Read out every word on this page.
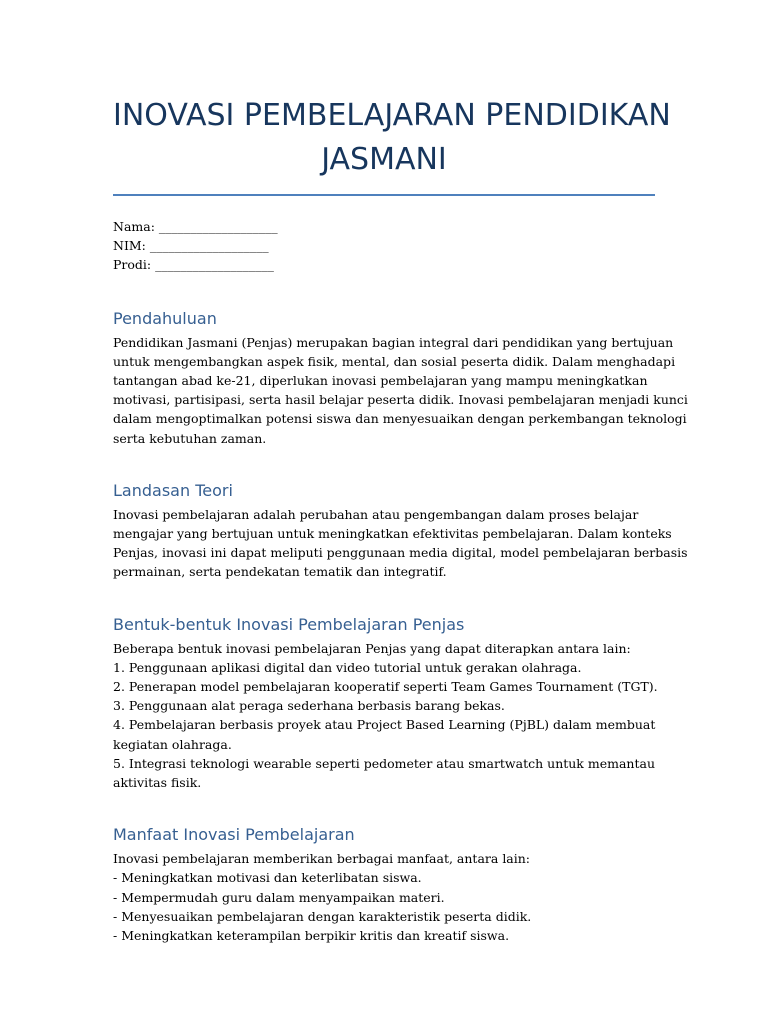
INOVASI PEMBELAJARAN PENDIDIKAN
JASMANI
Nama: ___________________
NIM: ___________________
Prodi: ___________________
Pendahuluan
Pendidikan Jasmani (Penjas) merupakan bagian integral dari pendidikan yang bertujuan
untuk mengembangkan aspek fisik, mental, dan sosial peserta didik. Dalam menghadapi
tantangan abad ke-21, diperlukan inovasi pembelajaran yang mampu meningkatkan
motivasi, partisipasi, serta hasil belajar peserta didik. Inovasi pembelajaran menjadi kunci
dalam mengoptimalkan potensi siswa dan menyesuaikan dengan perkembangan teknologi
serta kebutuhan zaman.
Landasan Teori
Inovasi pembelajaran adalah perubahan atau pengembangan dalam proses belajar
mengajar yang bertujuan untuk meningkatkan efektivitas pembelajaran. Dalam konteks
Penjas, inovasi ini dapat meliputi penggunaan media digital, model pembelajaran berbasis
permainan, serta pendekatan tematik dan integratif.
Bentuk-bentuk Inovasi Pembelajaran Penjas
Beberapa bentuk inovasi pembelajaran Penjas yang dapat diterapkan antara lain:
1. Penggunaan aplikasi digital dan video tutorial untuk gerakan olahraga.
2. Penerapan model pembelajaran kooperatif seperti Team Games Tournament (TGT).
3. Penggunaan alat peraga sederhana berbasis barang bekas.
4. Pembelajaran berbasis proyek atau Project Based Learning (PjBL) dalam membuat
kegiatan olahraga.
5. Integrasi teknologi wearable seperti pedometer atau smartwatch untuk memantau
aktivitas fisik.
Manfaat Inovasi Pembelajaran
Inovasi pembelajaran memberikan berbagai manfaat, antara lain:
- Meningkatkan motivasi dan keterlibatan siswa.
- Mempermudah guru dalam menyampaikan materi.
- Menyesuaikan pembelajaran dengan karakteristik peserta didik.
- Meningkatkan keterampilan berpikir kritis dan kreatif siswa.
